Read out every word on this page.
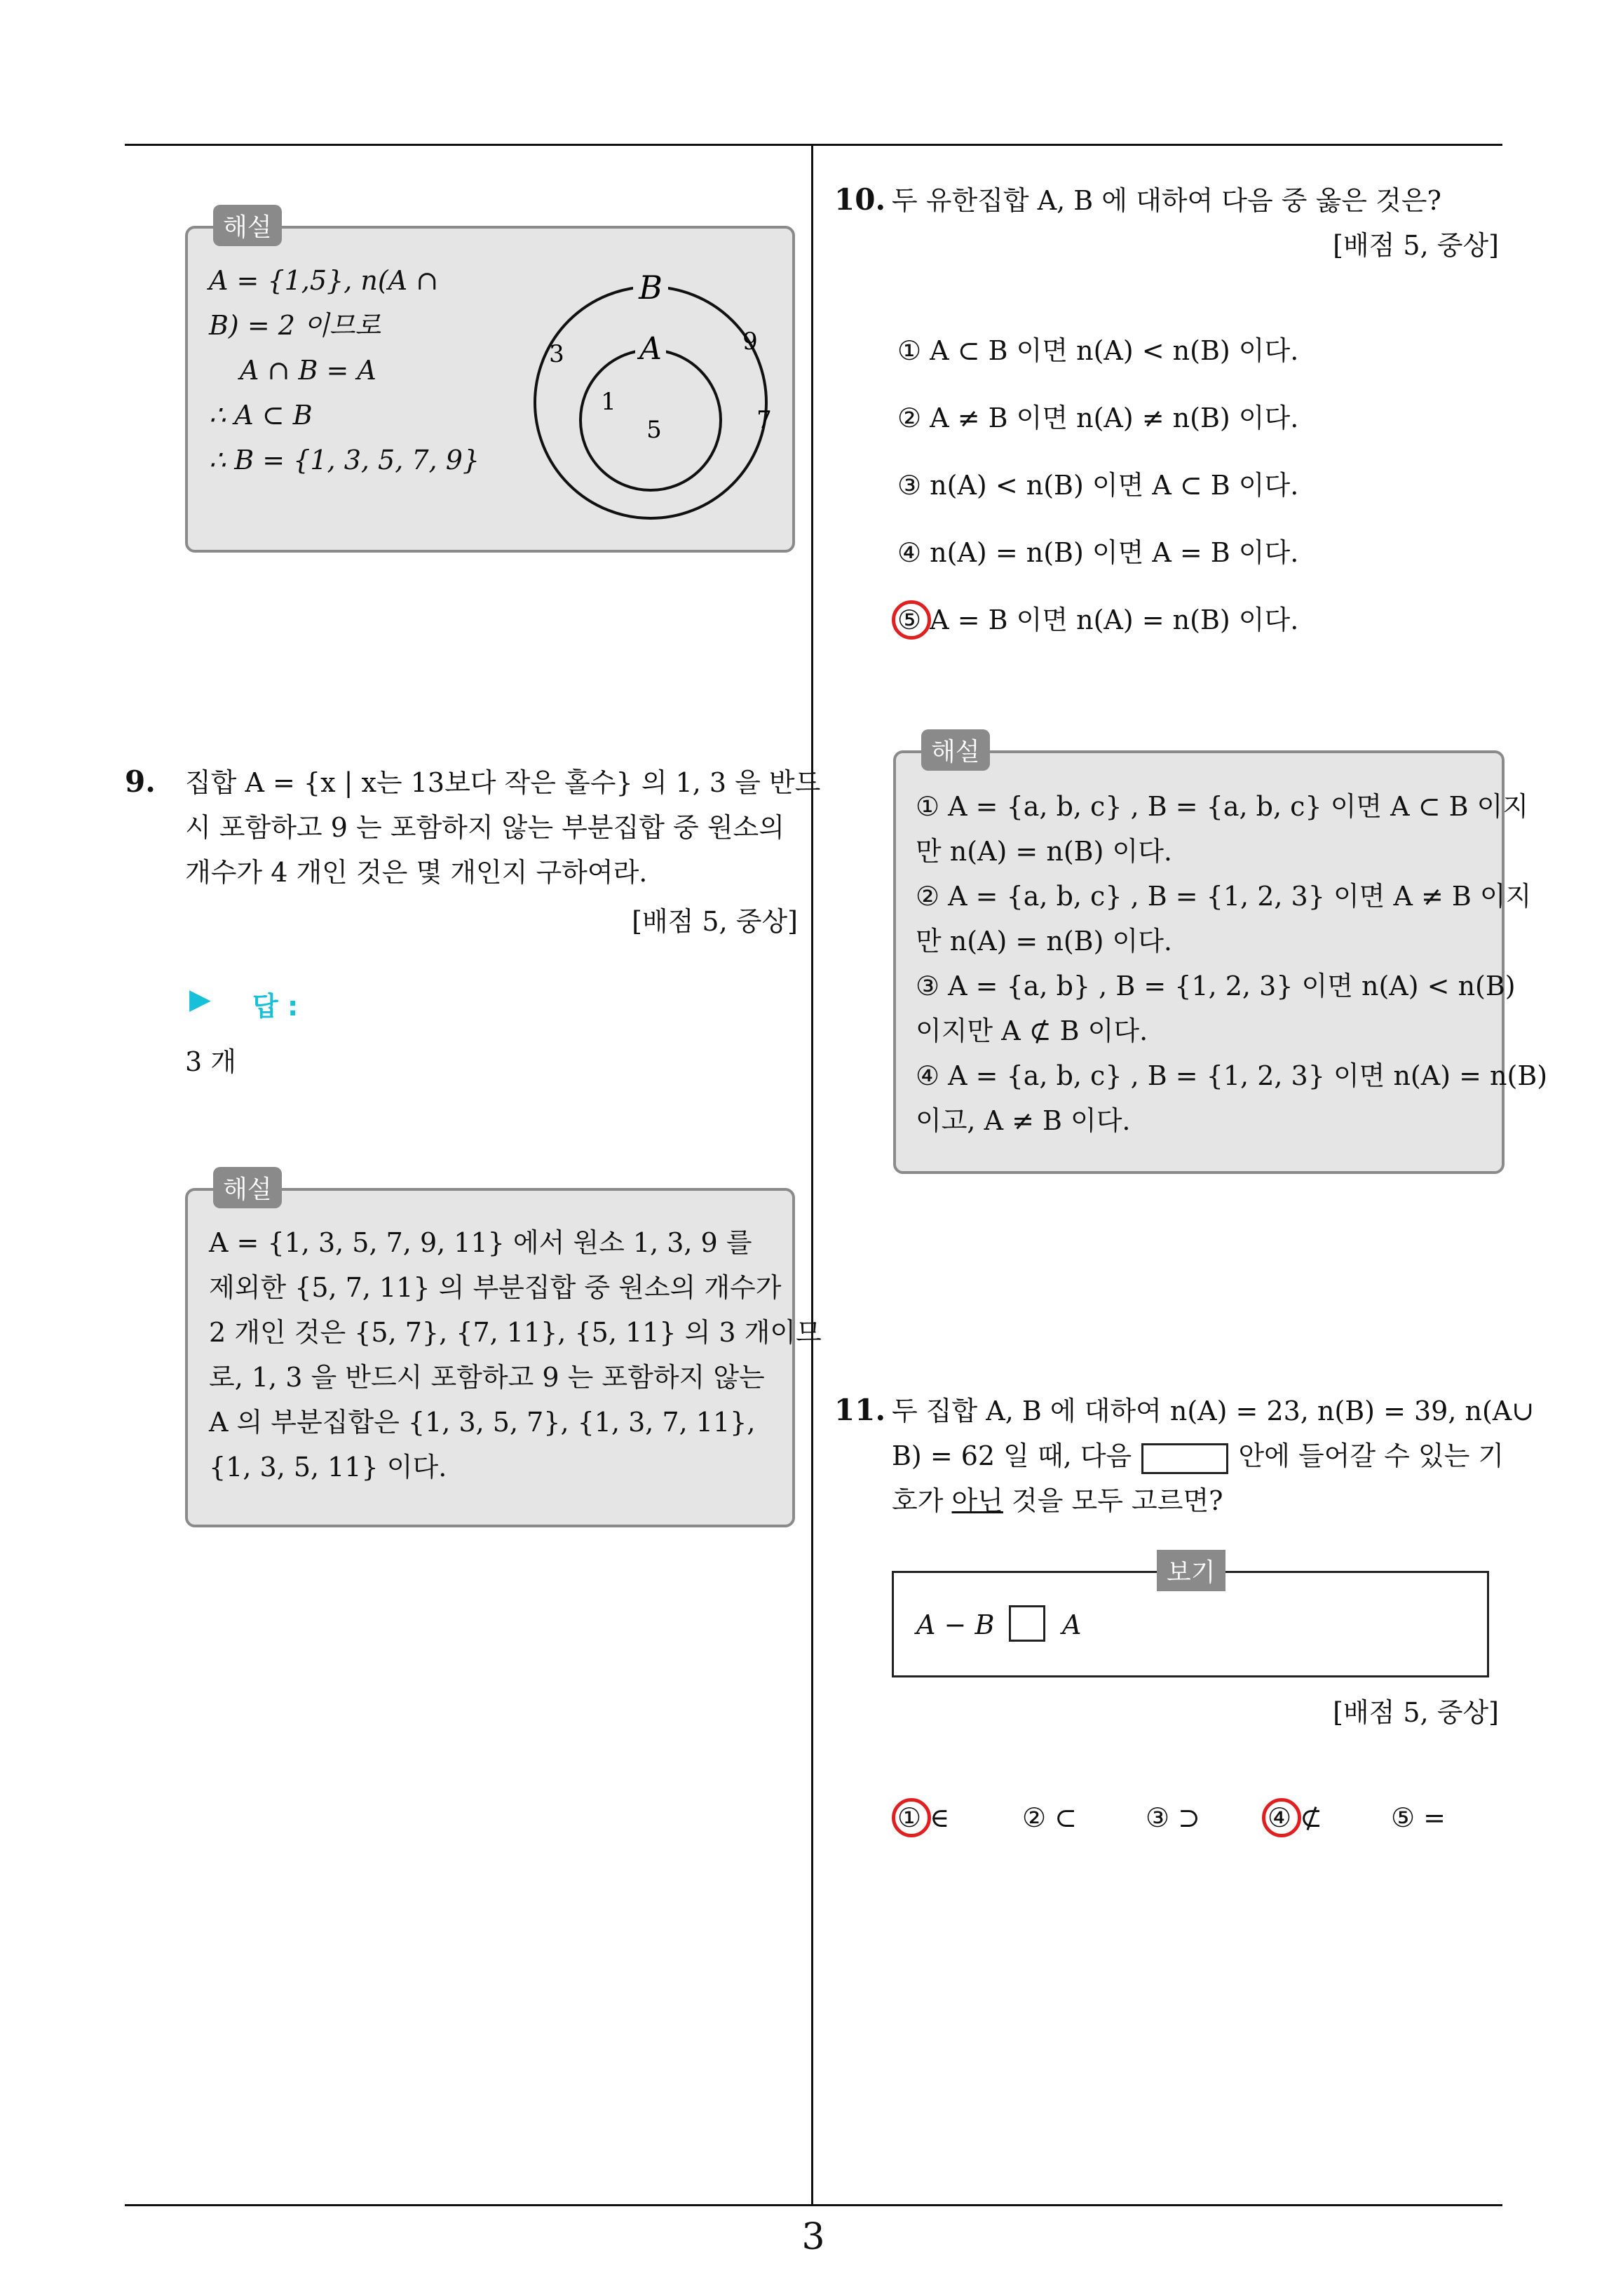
3
A = {1,5}, n(A ∩
B) = 2 이므로
A ∩ B = A
∴ A ⊂ B
∴ B = {1, 3, 5, 7, 9}
B
A
3	9
7
1
5
해설
9. 집합 A = {x | x는 13보다 작은 홀수} 의 1, 3 을 반드
시 포함하고 9 는 포함하지 않는 부분집합 중 원소의
개수가 4 개인 것은 몇 개인지 구하여라.
[배점 5, 중상]
▶ 답 :
3 개
A = {1, 3, 5, 7, 9, 11} 에서 원소 1, 3, 9 를
제외한 {5, 7, 11} 의 부분집합 중 원소의 개수가
2 개인 것은 {5, 7}, {7, 11}, {5, 11} 의 3 개이므
로, 1, 3 을 반드시 포함하고 9 는 포함하지 않는
A 의 부분집합은 {1, 3, 5, 7}, {1, 3, 7, 11},
{1, 3, 5, 11} 이다.
해설
10. 두 유한집합 A, B 에 대하여 다음 중 옳은 것은?
[배점 5, 중상]
① A ⊂ B 이면 n(A) < n(B) 이다.
② A ≠ B 이면 n(A) ≠ n(B) 이다.
③ n(A) < n(B) 이면 A ⊂ B 이다.
④ n(A) = n(B) 이면 A = B 이다.
⑤ A = B 이면 n(A) = n(B) 이다.
① A = {a, b, c} , B = {a, b, c} 이면 A ⊂ B 이지
만 n(A) = n(B) 이다.
② A = {a, b, c} , B = {1, 2, 3} 이면 A ≠ B 이지
만 n(A) = n(B) 이다.
③ A = {a, b} , B = {1, 2, 3} 이면 n(A) < n(B)
이지만 A ⊄ B 이다.
④ A = {a, b, c} , B = {1, 2, 3} 이면 n(A) = n(B)
이고, A ≠ B 이다.
해설
11. 두 집합 A, B 에 대하여 n(A) = 23, n(B) = 39, n(A∪
B) = 62 일 때, 다음	안에 들어갈 수 있는 기
호가 아닌 것을 모두 고르면?
A − B	A
보기
[배점 5, 중상]
① ∈	② ⊂	③ ⊃	④ ⊄	⑤ =
